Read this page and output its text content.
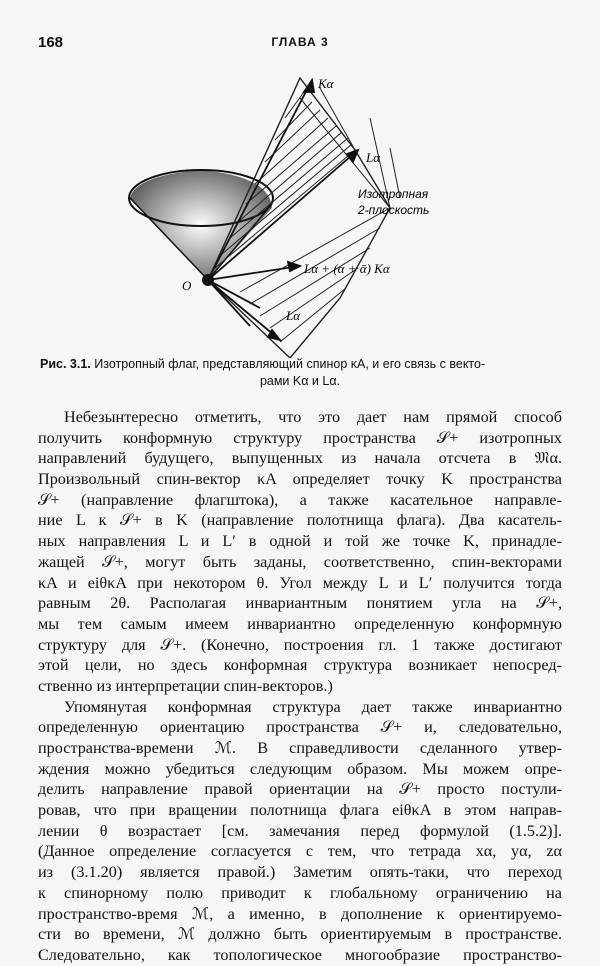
168	ГЛАВА 3
Kα
Lα
Изотропная
2-плоскость
Lα + (α + ᾱ) Kα
O
Lα
Рис. 3.1. Изотропный флаг, представляющий спинор κA, и его связь с векто-
рами Kα и Lα.
Небезынтересно отметить, что это дает нам прямой способ
получить конформную структуру пространства 𝒮+ изотропных
направлений будущего, выпущенных из начала отсчета в 𝔐α.
Произвольный спин-вектор κA определяет точку K пространства
𝒮+ (направление флагштока), а также касательное направле-
ние L к 𝒮+ в K (направление полотнища флага). Два касатель-
ных направления L и L′ в одной и той же точке K, принадле-
жащей 𝒮+, могут быть заданы, соответственно, спин-векторами
κA и eiθκA при некотором θ. Угол между L и L′ получится тогда
равным 2θ. Располагая инвариантным понятием угла на 𝒮+,
мы тем самым имеем инвариантно определенную конформную
структуру для 𝒮+. (Конечно, построения гл. 1 также достигают
этой цели, но здесь конформная структура возникает непосред-
ственно из интерпретации спин-векторов.)
Упомянутая конформная структура дает также инвариантно
определенную ориентацию пространства 𝒮+ и, следовательно,
пространства-времени ℳ. В справедливости сделанного утвер-
ждения можно убедиться следующим образом. Мы можем опре-
делить направление правой ориентации на 𝒮+ просто постули-
ровав, что при вращении полотнища флага eiθκA в этом направ-
лении θ возрастает [см. замечания перед формулой (1.5.2)].
(Данное определение согласуется с тем, что тетрада xα, yα, zα
из (3.1.20) является правой.) Заметим опять-таки, что переход
к спинорному полю приводит к глобальному ограничению на
пространство-время ℳ, а именно, в дополнение к ориентируемо-
сти во времени, ℳ должно быть ориентируемым в пространстве.
Следовательно, как топологическое многообразие пространство-
